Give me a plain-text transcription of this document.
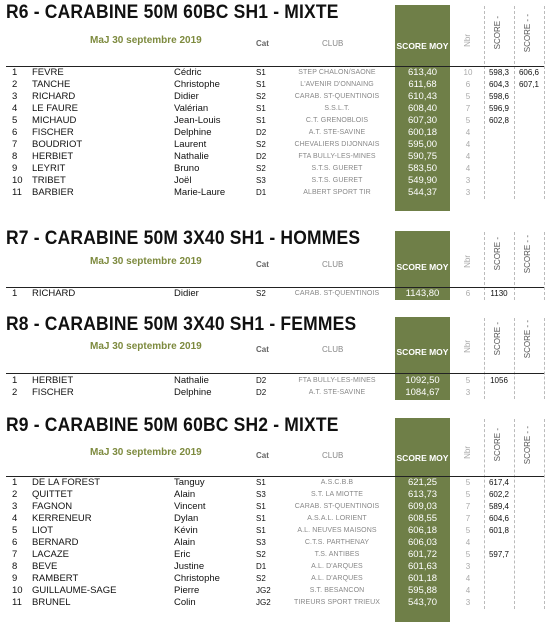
R6 - CARABINE 50M 60BC SH1 - MIXTE
MaJ 30 septembre 2019	Cat	CLUB	SCORE MOY Nbr	SCORE -	SCORE - -
1	FEVRE	Cédric	S1	STEP CHALON/SAONE	613,40	10	598,3	606,6
2	TANCHE	Christophe	S1	L'AVENIR D'ONNAING	611,68	6	604,3	607,1
3	RICHARD	Didier	S2	CARAB. ST-QUENTINOIS	610,43	5	598,6
4	LE FAURE	Valérian	S1	S.S.L.T.	608,40	7	596,9
5	MICHAUD	Jean-Louis	S1	C.T. GRENOBLOIS	607,30	5	602,8
6	FISCHER	Delphine	D2	A.T. STE-SAVINE	600,18	4
7	BOUDRIOT	Laurent	S2	CHEVALIERS DIJONNAIS	595,00	4
8	HERBIET	Nathalie	D2	FTA BULLY-LES-MINES	590,75	4
9	LEYRIT	Bruno	S2	S.T.S. GUERET	583,50	4
10 TRIBET	Joël	S3	S.T.S. GUERET	549,90	3
11 BARBIER	Marie-Laure	D1	ALBERT SPORT TIR	544,37	3
R7 - CARABINE 50M 3X40 SH1 - HOMMES
MaJ 30 septembre 2019	Cat	CLUB	SCORE MOY Nbr	SCORE -	SCORE - -
1	RICHARD	Didier	S2	CARAB. ST-QUENTINOIS	1143,80	6	1130
R8 - CARABINE 50M 3X40 SH1 - FEMMES
MaJ 30 septembre 2019	Cat	CLUB	SCORE MOY Nbr	SCORE -	SCORE - -
1	HERBIET	Nathalie	D2	FTA BULLY-LES-MINES	1092,50	5	1056
2	FISCHER	Delphine	D2	A.T. STE-SAVINE	1084,67	3
R9 - CARABINE 50M 60BC SH2 - MIXTE
MaJ 30 septembre 2019	Cat	CLUB	SCORE MOY Nbr	SCORE -	SCORE - -
1	DE LA FOREST	Tanguy	S1	A.S.C.B.B	621,25	5	617,4
2	QUITTET	Alain	S3	S.T. LA MIOTTE	613,73	5	602,2
3	FAGNON	Vincent	S1	CARAB. ST-QUENTINOIS	609,03	7	589,4
4	KERRENEUR	Dylan	S1	A.S.A.L. LORIENT	608,55	7	604,6
5	LIOT	Kévin	S1	A.L. NEUVES MAISONS	606,18	5	601,8
6	BERNARD	Alain	S3	C.T.S. PARTHENAY	606,03	4
7	LACAZE	Eric	S2	T.S. ANTIBES	601,72	5	597,7
8	BEVE	Justine	D1	A.L. D'ARQUES	601,63	3
9	RAMBERT	Christophe	S2	A.L. D'ARQUES	601,18	4
10 GUILLAUME-SAGE	Pierre	JG2	S.T. BESANCON	595,88	4
11 BRUNEL	Colin	JG2	TIREURS SPORT TRIEUX	543,70	3
